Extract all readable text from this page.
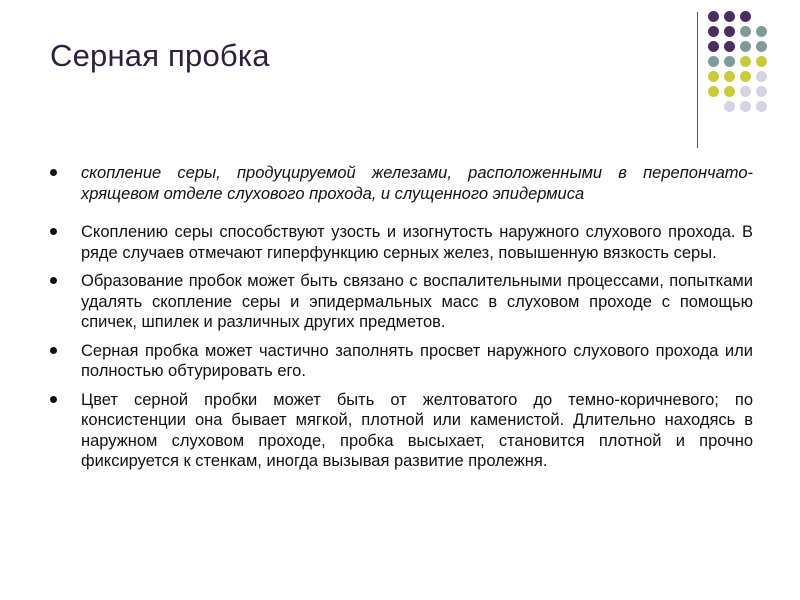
Серная пробка
скопление серы, продуцируемой железами, расположенными в перепончато-хрящевом отделе слухового прохода, и слущенного эпидермиса
Скоплению серы способствуют узость и изогнутость наружного слухового прохода. В ряде случаев отмечают гиперфункцию серных желез, повышенную вязкость серы.
Образование пробок может быть связано с воспалительными процессами, попытками удалять скопление серы и эпидермальных масс в слуховом проходе с помощью спичек, шпилек и различных других предметов.
Серная пробка может частично заполнять просвет наружного слухового прохода или полностью обтурировать его.
Цвет серной пробки может быть от желтоватого до темно-коричневого; по консистенции она бывает мягкой, плотной или каменистой. Длительно находясь в наружном слуховом проходе, пробка высыхает, становится плотной и прочно фиксируется к стенкам, иногда вызывая развитие пролежня.
